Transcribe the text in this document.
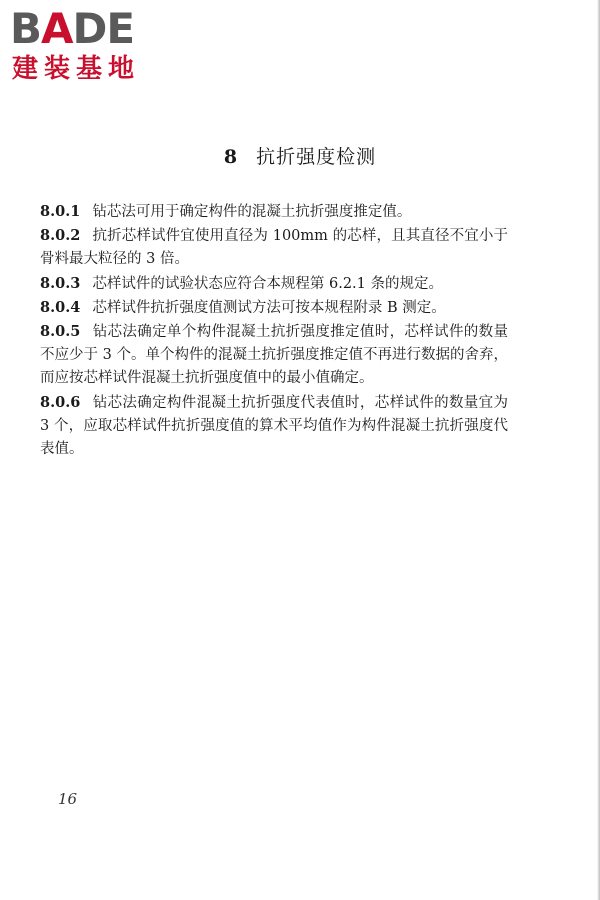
BADE
建装基地
8 抗折强度检测

8.0.1 钻芯法可用于确定构件的混凝土抗折强度推定值。

8.0.2 抗折芯样试件宜使用直径为 100mm 的芯样，且其直径不宜小于骨料最大粒径的 3 倍。

8.0.3 芯样试件的试验状态应符合本规程第 6.2.1 条的规定。

8.0.4 芯样试件抗折强度值测试方法可按本规程附录 B 测定。

8.0.5 钻芯法确定单个构件混凝土抗折强度推定值时，芯样试件的数量不应少于 3 个。单个构件的混凝土抗折强度推定值不再进行数据的舍弃，而应按芯样试件混凝土抗折强度值中的最小值确定。

8.0.6 钻芯法确定构件混凝土抗折强度代表值时，芯样试件的数量宜为 3 个，应取芯样试件抗折强度值的算术平均值作为构件混凝土抗折强度代表值。

16
